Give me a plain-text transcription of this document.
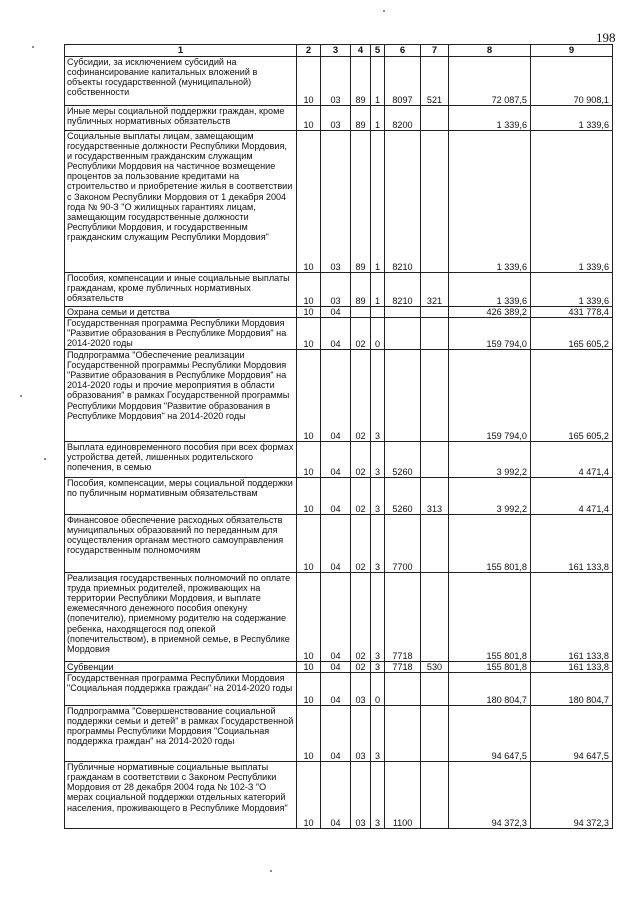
198
1	2	3	4	5	6	7	8	9
Субсидии, за исключением субсидий на софинансирование капитальных вложений в объекты государственной (муниципальной) собственности	10	03	89	1	8097	521	72 087,5	70 908,1
Иные меры социальной поддержки граждан, кроме публичных нормативных обязательств	10	03	89	1	8200		1 339,6	1 339,6
Социальные выплаты лицам, замещающим государственные должности Республики Мордовия, и государственным гражданским служащим Республики Мордовия на частичное возмещение процентов за пользование кредитами на строительство и приобретение жилья в соответствии с Законом Республики Мордовия от 1 декабря 2004 года № 90-З "О жилищных гарантиях лицам, замещающим государственные должности Республики Мордовия, и государственным гражданским служащим Республики Мордовия"	10	03	89	1	8210		1 339,6	1 339,6
Пособия, компенсации и иные социальные выплаты гражданам, кроме публичных нормативных обязательств	10	03	89	1	8210	321	1 339,6	1 339,6
Охрана семьи и детства	10	04					426 389,2	431 778,4
Государственная программа Республики Мордовия "Развитие образования в Республике Мордовия" на 2014-2020 годы	10	04	02	0			159 794,0	165 605,2
Подпрограмма "Обеспечение реализации Государственной программы Республики Мордовия "Развитие образования в Республике Мордовия" на 2014-2020 годы и прочие мероприятия в области образования" в рамках Государственной программы Республики Мордовия "Развитие образования в Республике Мордовия" на 2014-2020 годы	10	04	02	3			159 794,0	165 605,2
Выплата единовременного пособия при всех формах устройства детей, лишенных родительского попечения, в семью	10	04	02	3	5260		3 992,2	4 471,4
Пособия, компенсации, меры социальной поддержки по публичным нормативным обязательствам	10	04	02	3	5260	313	3 992,2	4 471,4
Финансовое обеспечение расходных обязательств муниципальных образований по переданным для осуществления органам местного самоуправления государственным полномочиям	10	04	02	3	7700		155 801,8	161 133,8
Реализация государственных полномочий по оплате труда приемных родителей, проживающих на территории Республики Мордовия, и выплате ежемесячного денежного пособия опекуну (попечителю), приемному родителю на содержание ребенка, находящегося под опекой (попечительством), в приемной семье, в Республике Мордовия	10	04	02	3	7718		155 801,8	161 133,8
Субвенции	10	04	02	3	7718	530	155 801,8	161 133,8
Государственная программа Республики Мордовия "Социальная поддержка граждан" на 2014-2020 годы	10	04	03	0			180 804,7	180 804,7
Подпрограмма "Совершенствование социальной поддержки семьи и детей" в рамках Государственной программы Республики Мордовия "Социальная поддержка граждан" на 2014-2020 годы	10	04	03	3			94 647,5	94 647,5
Публичные нормативные социальные выплаты гражданам в соответствии с Законом Республики Мордовия от 28 декабря 2004 года № 102-З "О мерах социальной поддержки отдельных категорий населения, проживающего в Республике Мордовия"	10	04	03	3	1100		94 372,3	94 372,3
